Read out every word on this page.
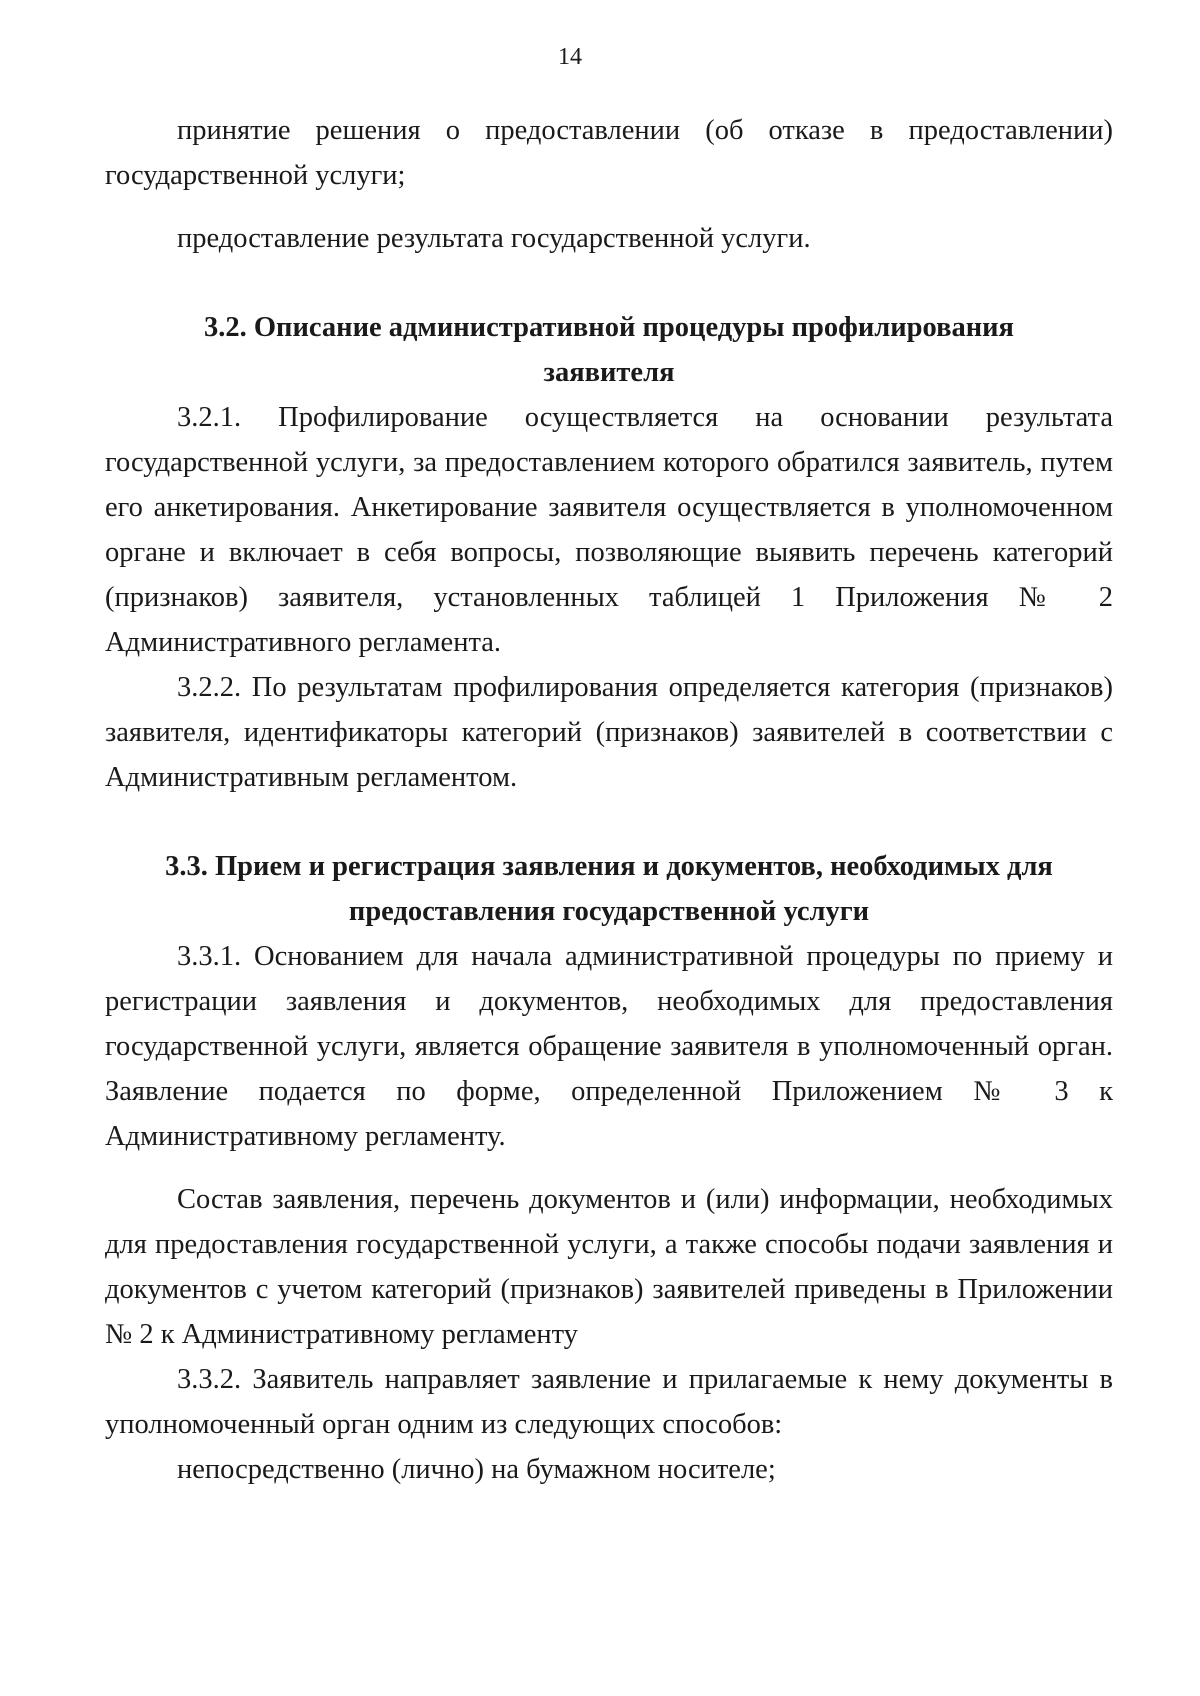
14

принятие решения о предоставлении (об отказе в предоставлении) государственной услуги;

предоставление результата государственной услуги.

3.2. Описание административной процедуры профилирования
заявителя

3.2.1. Профилирование осуществляется на основании результата государственной услуги, за предоставлением которого обратился заявитель, путем его анкетирования. Анкетирование заявителя осуществляется в уполномоченном органе и включает в себя вопросы, позволяющие выявить перечень категорий (признаков) заявителя, установленных таблицей 1 Приложения № 2 Административного регламента.

3.2.2. По результатам профилирования определяется категория (признаков) заявителя, идентификаторы категорий (признаков) заявителей в соответствии с Административным регламентом.

3.3. Прием и регистрация заявления и документов, необходимых для
предоставления государственной услуги

3.3.1. Основанием для начала административной процедуры по приему и регистрации заявления и документов, необходимых для предоставления государственной услуги, является обращение заявителя в уполномоченный орган. Заявление подается по форме, определенной Приложением № 3 к Административному регламенту.

Состав заявления, перечень документов и (или) информации, необходимых для предоставления государственной услуги, а также способы подачи заявления и документов с учетом категорий (признаков) заявителей приведены в Приложении № 2 к Административному регламенту

3.3.2. Заявитель направляет заявление и прилагаемые к нему документы в уполномоченный орган одним из следующих способов:

непосредственно (лично) на бумажном носителе;
